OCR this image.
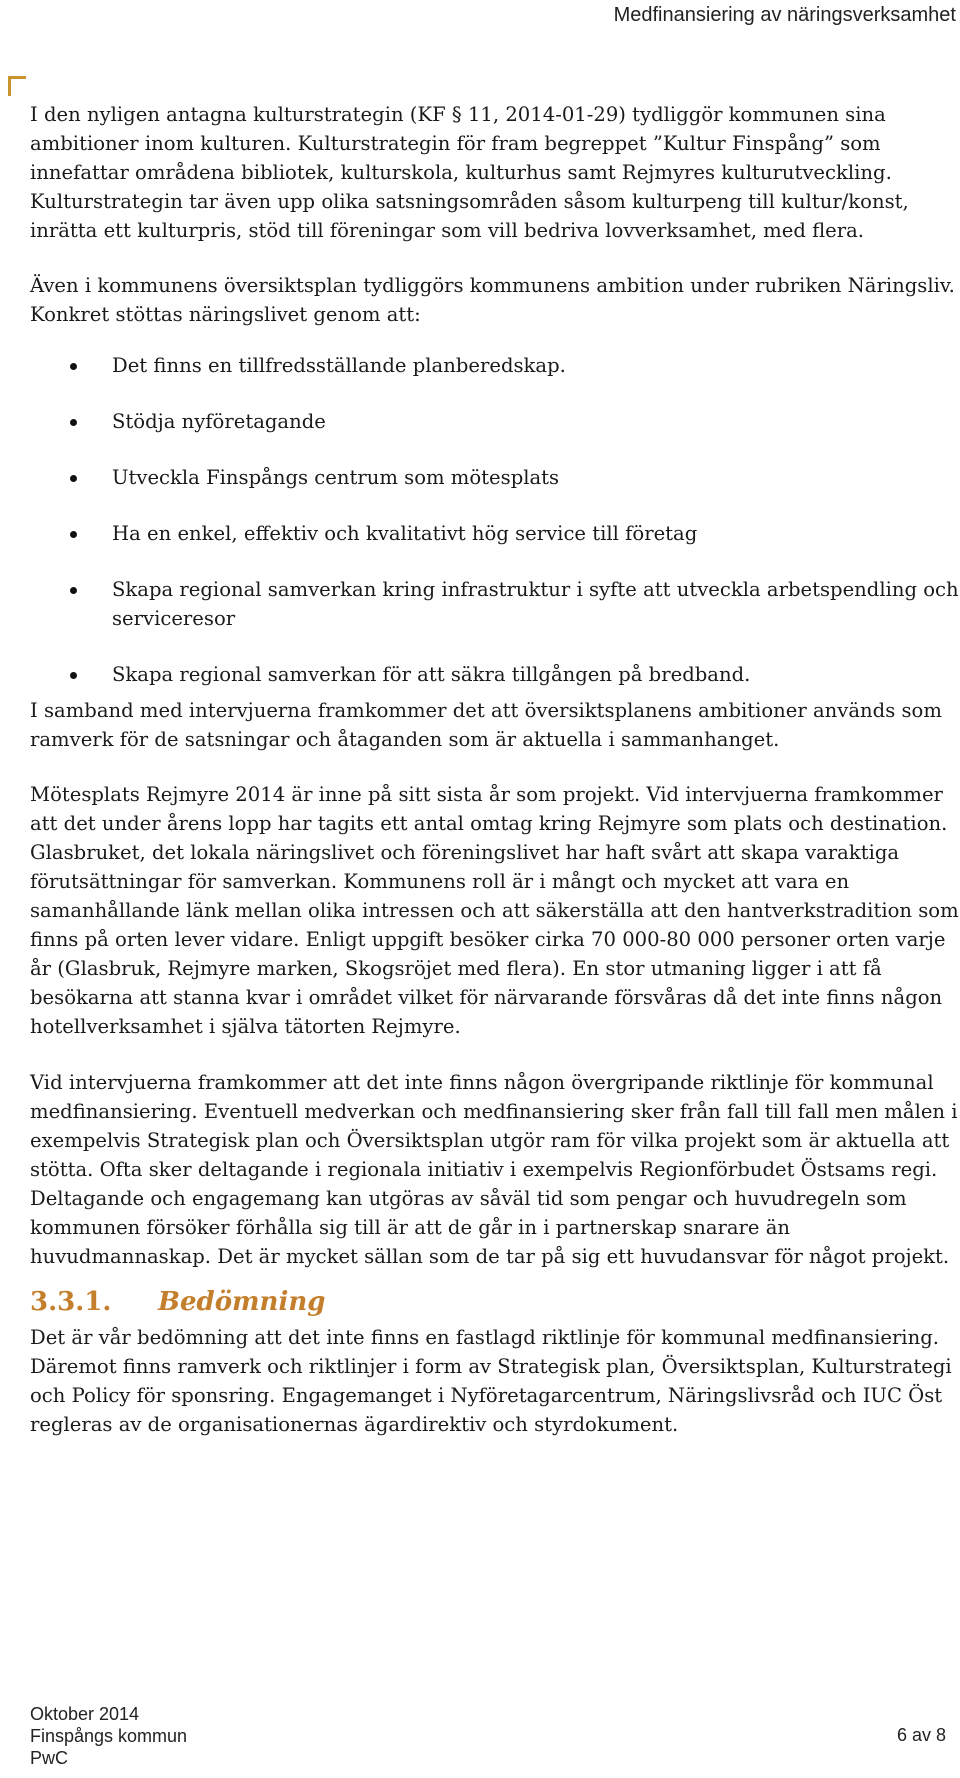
Medfinansiering av näringsverksamhet

I den nyligen antagna kulturstrategin (KF § 11, 2014-01-29) tydliggör kommunen sina ambitioner inom kulturen. Kulturstrategin för fram begreppet ”Kultur Finspång” som innefattar områdena bibliotek, kulturskola, kulturhus samt Rejmyres kulturutveckling. Kulturstrategin tar även upp olika satsningsområden såsom kulturpeng till kultur/konst, inrätta ett kulturpris, stöd till föreningar som vill bedriva lovverksamhet, med flera.

Även i kommunens översiktsplan tydliggörs kommunens ambition under rubriken Näringsliv. Konkret stöttas näringslivet genom att:

Det finns en tillfredsställande planberedskap.
Stödja nyföretagande
Utveckla Finspångs centrum som mötesplats
Ha en enkel, effektiv och kvalitativt hög service till företag
Skapa regional samverkan kring infrastruktur i syfte att utveckla arbetspendling och serviceresor
Skapa regional samverkan för att säkra tillgången på bredband.

I samband med intervjuerna framkommer det att översiktsplanens ambitioner används som ramverk för de satsningar och åtaganden som är aktuella i sammanhanget.

Mötesplats Rejmyre 2014 är inne på sitt sista år som projekt. Vid intervjuerna framkommer att det under årens lopp har tagits ett antal omtag kring Rejmyre som plats och destination. Glasbruket, det lokala näringslivet och föreningslivet har haft svårt att skapa varaktiga förutsättningar för samverkan. Kommunens roll är i mångt och mycket att vara en samanhållande länk mellan olika intressen och att säkerställa att den hantverkstradition som finns på orten lever vidare. Enligt uppgift besöker cirka 70 000-80 000 personer orten varje år (Glasbruk, Rejmyre marken, Skogsröjet med flera). En stor utmaning ligger i att få besökarna att stanna kvar i området vilket för närvarande försvåras då det inte finns någon hotellverksamhet i själva tätorten Rejmyre.

Vid intervjuerna framkommer att det inte finns någon övergripande riktlinje för kommunal medfinansiering. Eventuell medverkan och medfinansiering sker från fall till fall men målen i exempelvis Strategisk plan och Översiktsplan utgör ram för vilka projekt som är aktuella att stötta. Ofta sker deltagande i regionala initiativ i exempelvis Regionförbudet Östsams regi. Deltagande och engagemang kan utgöras av såväl tid som pengar och huvudregeln som kommunen försöker förhålla sig till är att de går in i partnerskap snarare än huvudmannaskap. Det är mycket sällan som de tar på sig ett huvudansvar för något projekt.

3.3.1. Bedömning

Det är vår bedömning att det inte finns en fastlagd riktlinje för kommunal medfinansiering. Däremot finns ramverk och riktlinjer i form av Strategisk plan, Översiktsplan, Kulturstrategi och Policy för sponsring. Engagemanget i Nyföretagarcentrum, Näringslivsråd och IUC Öst regleras av de organisationernas ägardirektiv och styrdokument.

Oktober 2014
Finspångs kommun
PwC
6 av 8
